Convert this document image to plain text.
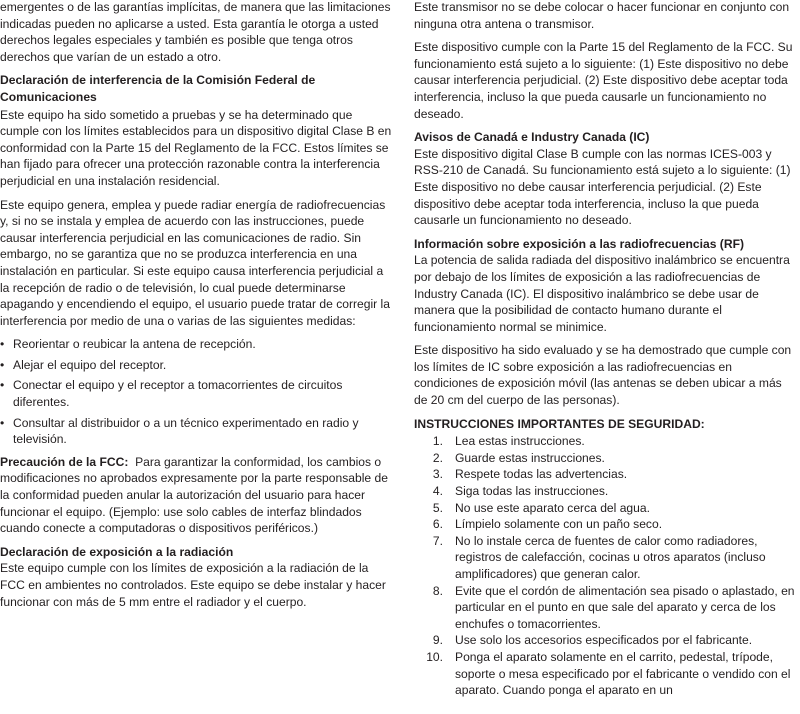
emergentes o de las garantías implícitas, de manera que las limitaciones indicadas pueden no aplicarse a usted. Esta garantía le otorga a usted derechos legales especiales y también es posible que tenga otros derechos que varían de un estado a otro.

Declaración de interferencia de la Comisión Federal de Comunicaciones

Este equipo ha sido sometido a pruebas y se ha determinado que cumple con los límites establecidos para un dispositivo digital Clase B en conformidad con la Parte 15 del Reglamento de la FCC. Estos límites se han fijado para ofrecer una protección razonable contra la interferencia perjudicial en una instalación residencial.

Este equipo genera, emplea y puede radiar energía de radiofrecuencias y, si no se instala y emplea de acuerdo con las instrucciones, puede causar interferencia perjudicial en las comunicaciones de radio. Sin embargo, no se garantiza que no se produzca interferencia en una instalación en particular. Si este equipo causa interferencia perjudicial a la recepción de radio o de televisión, lo cual puede determinarse apagando y encendiendo el equipo, el usuario puede tratar de corregir la interferencia por medio de una o varias de las siguientes medidas:

• Reorientar o reubicar la antena de recepción.
• Alejar el equipo del receptor.
• Conectar el equipo y el receptor a tomacorrientes de circuitos diferentes.
• Consultar al distribuidor o a un técnico experimentado en radio y televisión.

Precaución de la FCC: Para garantizar la conformidad, los cambios o modificaciones no aprobados expresamente por la parte responsable de la conformidad pueden anular la autorización del usuario para hacer funcionar el equipo. (Ejemplo: use solo cables de interfaz blindados cuando conecte a computadoras o dispositivos periféricos.)

Declaración de exposición a la radiación

Este equipo cumple con los límites de exposición a la radiación de la FCC en ambientes no controlados. Este equipo se debe instalar y hacer funcionar con más de 5 mm entre el radiador y el cuerpo.

Este transmisor no se debe colocar o hacer funcionar en conjunto con ninguna otra antena o transmisor.

Este dispositivo cumple con la Parte 15 del Reglamento de la FCC. Su funcionamiento está sujeto a lo siguiente: (1) Este dispositivo no debe causar interferencia perjudicial. (2) Este dispositivo debe aceptar toda interferencia, incluso la que pueda causarle un funcionamiento no deseado.

Avisos de Canadá e Industry Canada (IC)

Este dispositivo digital Clase B cumple con las normas ICES-003 y RSS-210 de Canadá. Su funcionamiento está sujeto a lo siguiente: (1) Este dispositivo no debe causar interferencia perjudicial. (2) Este dispositivo debe aceptar toda interferencia, incluso la que pueda causarle un funcionamiento no deseado.

Información sobre exposición a las radiofrecuencias (RF)

La potencia de salida radiada del dispositivo inalámbrico se encuentra por debajo de los límites de exposición a las radiofrecuencias de Industry Canada (IC). El dispositivo inalámbrico se debe usar de manera que la posibilidad de contacto humano durante el funcionamiento normal se minimice.

Este dispositivo ha sido evaluado y se ha demostrado que cumple con los límites de IC sobre exposición a las radiofrecuencias en condiciones de exposición móvil (las antenas se deben ubicar a más de 20 cm del cuerpo de las personas).

INSTRUCCIONES IMPORTANTES DE SEGURIDAD:
1. Lea estas instrucciones.
2. Guarde estas instrucciones.
3. Respete todas las advertencias.
4. Siga todas las instrucciones.
5. No use este aparato cerca del agua.
6. Límpielo solamente con un paño seco.
7. No lo instale cerca de fuentes de calor como radiadores, registros de calefacción, cocinas u otros aparatos (incluso amplificadores) que generan calor.
8. Evite que el cordón de alimentación sea pisado o aplastado, en particular en el punto en que sale del aparato y cerca de los enchufes o tomacorrientes.
9. Use solo los accesorios especificados por el fabricante.
10. Ponga el aparato solamente en el carrito, pedestal, trípode, soporte o mesa especificado por el fabricante o vendido con el aparato. Cuando ponga el aparato en un
